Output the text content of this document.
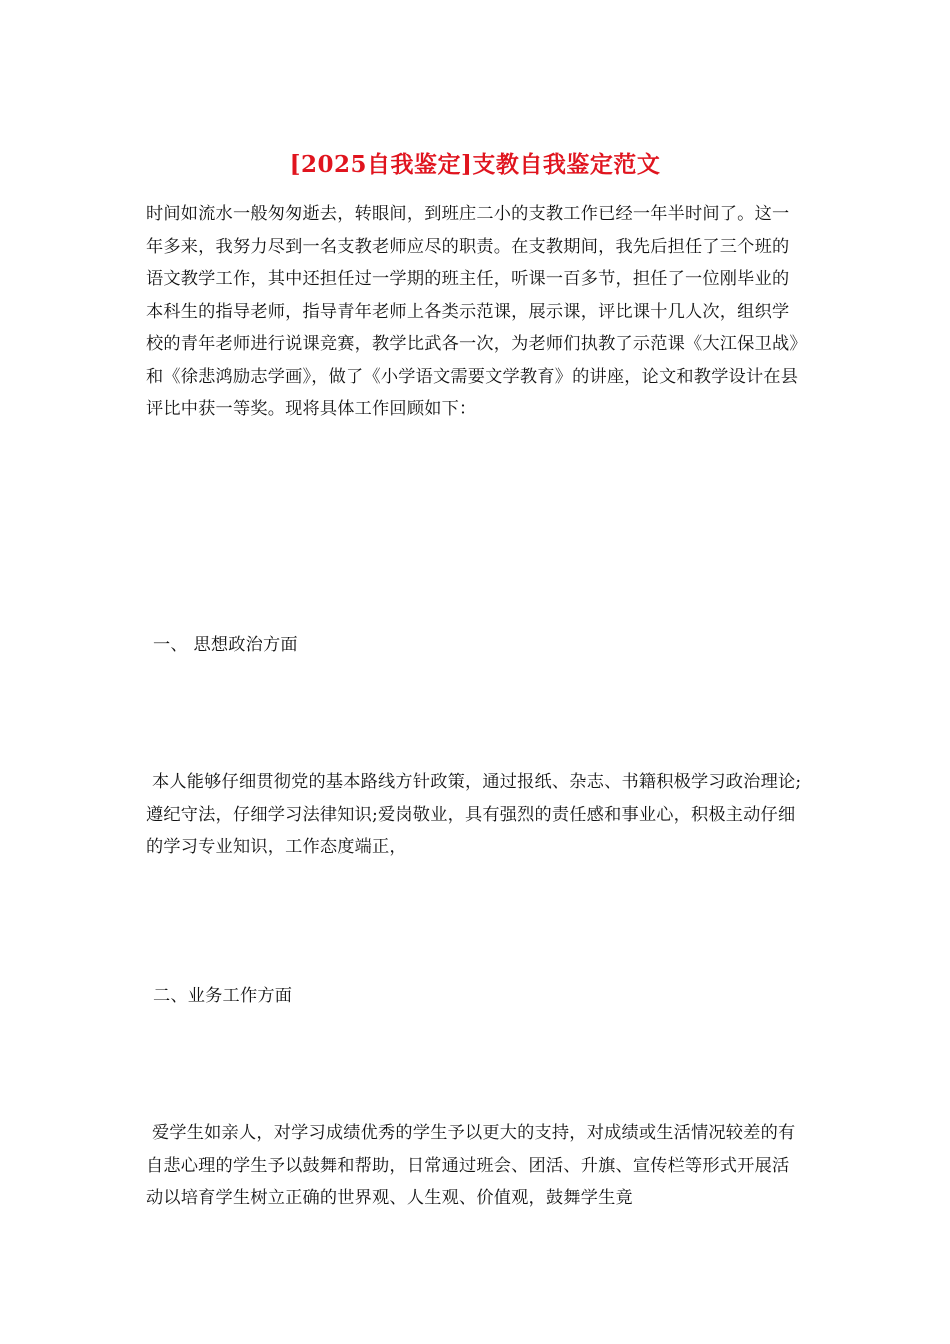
[2025自我鉴定]支教自我鉴定范文

时间如流水一般匆匆逝去，转眼间，到班庄二小的支教工作已经一年半时间了。这一年多来，我努力尽到一名支教老师应尽的职责。在支教期间，我先后担任了三个班的语文教学工作，其中还担任过一学期的班主任，听课一百多节，担任了一位刚毕业的本科生的指导老师，指导青年老师上各类示范课，展示课，评比课十几人次，组织学校的青年老师进行说课竞赛，教学比武各一次，为老师们执教了示范课《大江保卫战》和《徐悲鸿励志学画》，做了《小学语文需要文学教育》的讲座，论文和教学设计在县评比中获一等奖。现将具体工作回顾如下：

一、 思想政治方面

本人能够仔细贯彻党的基本路线方针政策，通过报纸、杂志、书籍积极学习政治理论;遵纪守法，仔细学习法律知识;爱岗敬业，具有强烈的责任感和事业心，积极主动仔细的学习专业知识，工作态度端正，

二、业务工作方面

爱学生如亲人，对学习成绩优秀的学生予以更大的支持，对成绩或生活情况较差的有自悲心理的学生予以鼓舞和帮助，日常通过班会、团活、升旗、宣传栏等形式开展活动以培育学生树立正确的世界观、人生观、价值观，鼓舞学生竟
